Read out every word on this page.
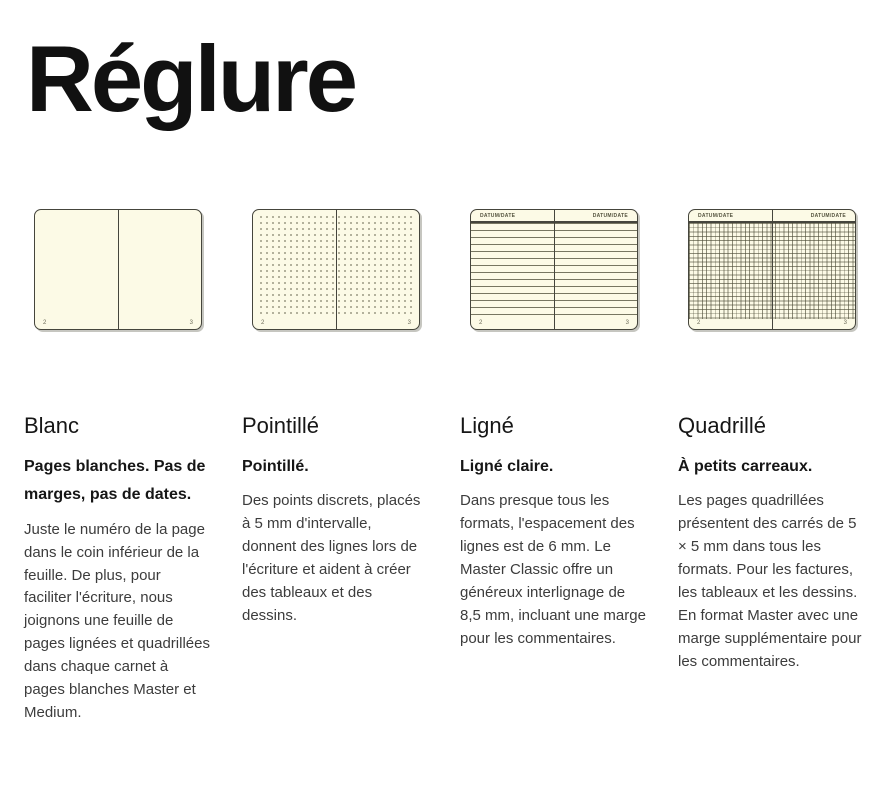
Réglure
2	3
Blanc
Pages blanches. Pas de marges, pas de dates.

Juste le numéro de la page dans le coin inférieur de la feuille. De plus, pour faciliter l'écriture, nous joignons une feuille de pages lignées et quadrillées dans chaque carnet à pages blanches Master et Medium.

2	3
Pointillé
Pointillé.

Des points discrets, placés à 5 mm d'intervalle, donnent des lignes lors de l'écriture et aident à créer des tableaux et des dessins.

DATUM/DATE	DATUM/DATE
2	3
Ligné
Ligné claire.

Dans presque tous les formats, l'espacement des lignes est de 6 mm. Le Master Classic offre un généreux interlignage de 8,5 mm, incluant une marge pour les commentaires.

DATUM/DATE	DATUM/DATE
2	3
Quadrillé
À petits carreaux.

Les pages quadrillées présentent des carrés de 5 × 5 mm dans tous les formats. Pour les factures, les tableaux et les dessins. En format Master avec une marge supplémentaire pour les commentaires.
